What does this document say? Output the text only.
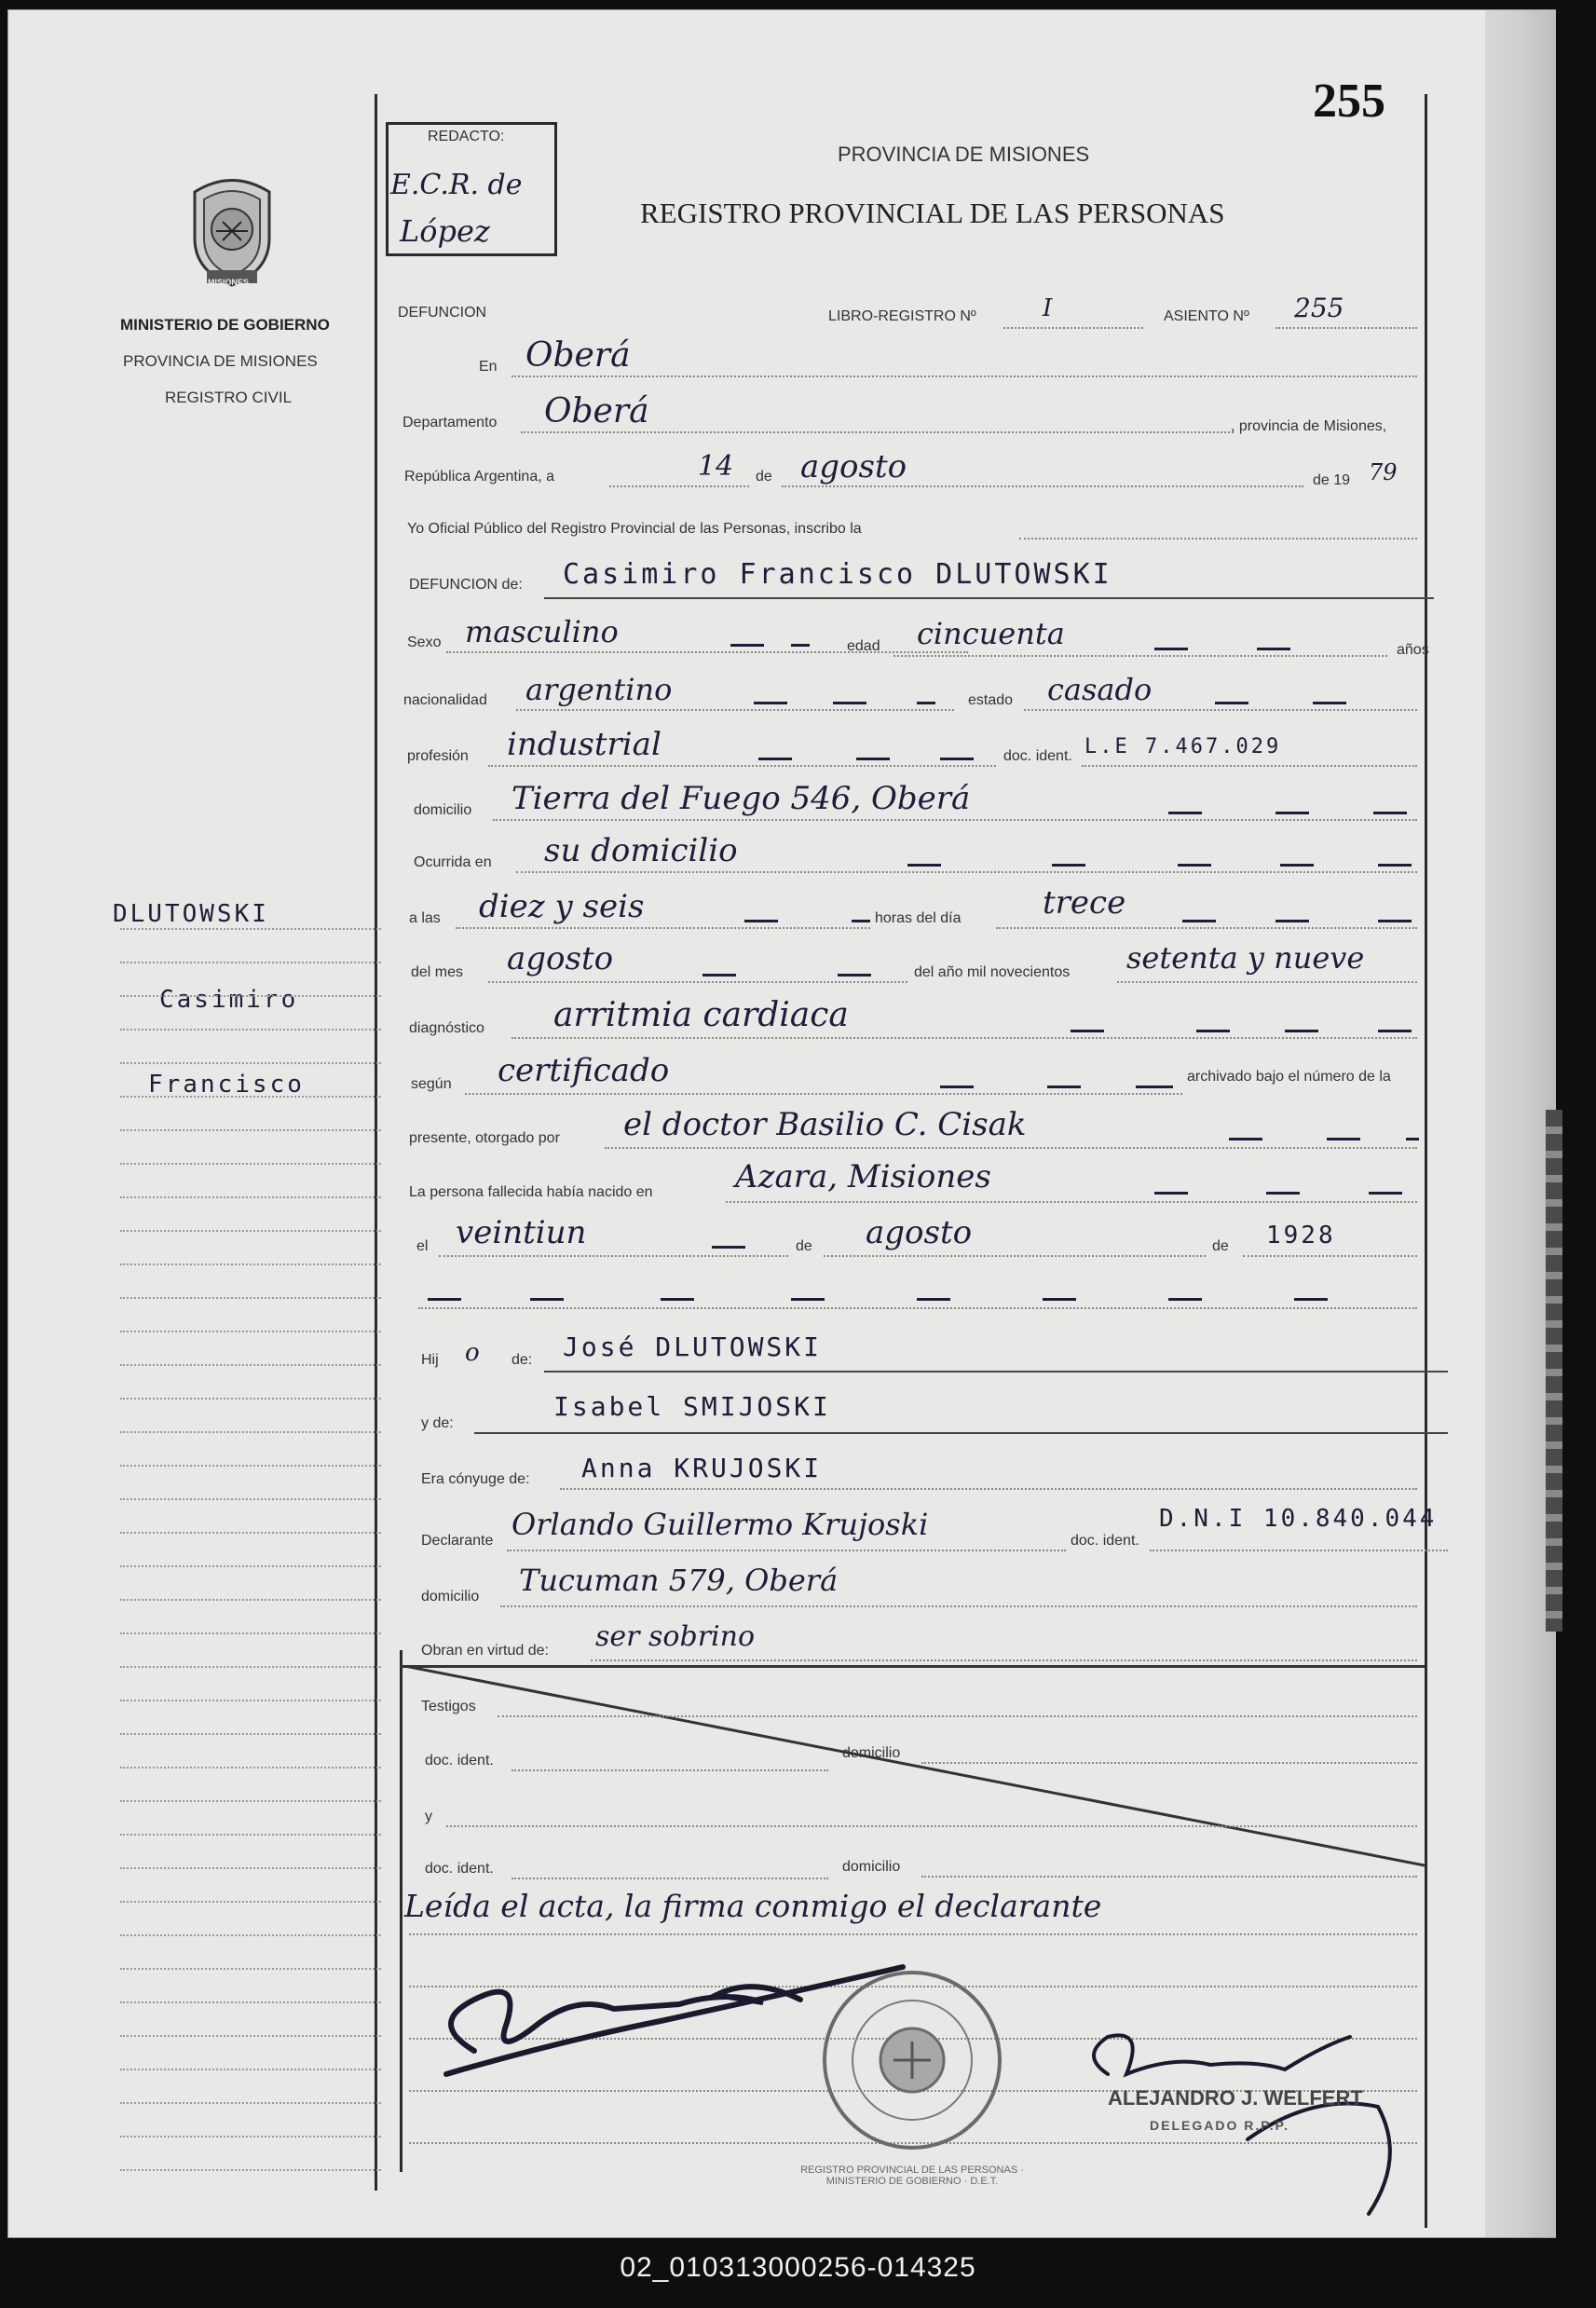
255
MISIONES
MINISTERIO DE GOBIERNO
PROVINCIA DE MISIONES
REGISTRO CIVIL
REDACTO:
E.C.R. de
López
PROVINCIA DE MISIONES
REGISTRO PROVINCIAL DE LAS PERSONAS
DLUTOWSKI
Casimiro
Francisco
DEFUNCION	LIBRO-REGISTRO Nº	I	ASIENTO Nº 255
En Oberá
Departamento Oberá	, provincia de Misiones,
República Argentina, a	14 de agosto	de 19 79
Yo Oficial Público del Registro Provincial de las Personas, inscribo la
DEFUNCION de: Casimiro Francisco DLUTOWSKI
Sexo masculino	edad cincuenta	años
nacionalidad argentino	estado casado
profesión industrial	doc. ident. L.E 7.467.029
domicilio Tierra del Fuego 546, Oberá
Ocurrida en su domicilio
a las diez y seis	horas del día	trece
del mes agosto	del año mil novecientos setenta y nueve
diagnóstico arritmia cardiaca
según certificado	archivado bajo el número de la
presente, otorgado por el doctor Basilio C. Cisak
La persona fallecida había nacido en	Azara, Misiones
el veintiun	de agosto	de 1928
Hij o de: José DLUTOWSKI
y de:
Isabel SMIJOSKI
Era cónyuge de: Anna KRUJOSKI
Declarante Orlando Guillermo Krujoski	doc. ident.
D.N.I 10.840.044
domicilio Tucuman 579, Oberá
Obran en virtud de: ser sobrino
Testigos
doc. ident.	domicilio
y
doc. ident.	domicilio
Leída el acta, la firma conmigo el declarante
REGISTRO PROVINCIAL DE LAS PERSONAS · MINISTERIO DE GOBIERNO · D.E.T.
ALEJANDRO J. WELFERT
DELEGADO R.P.P.
02_010313000256-014325
